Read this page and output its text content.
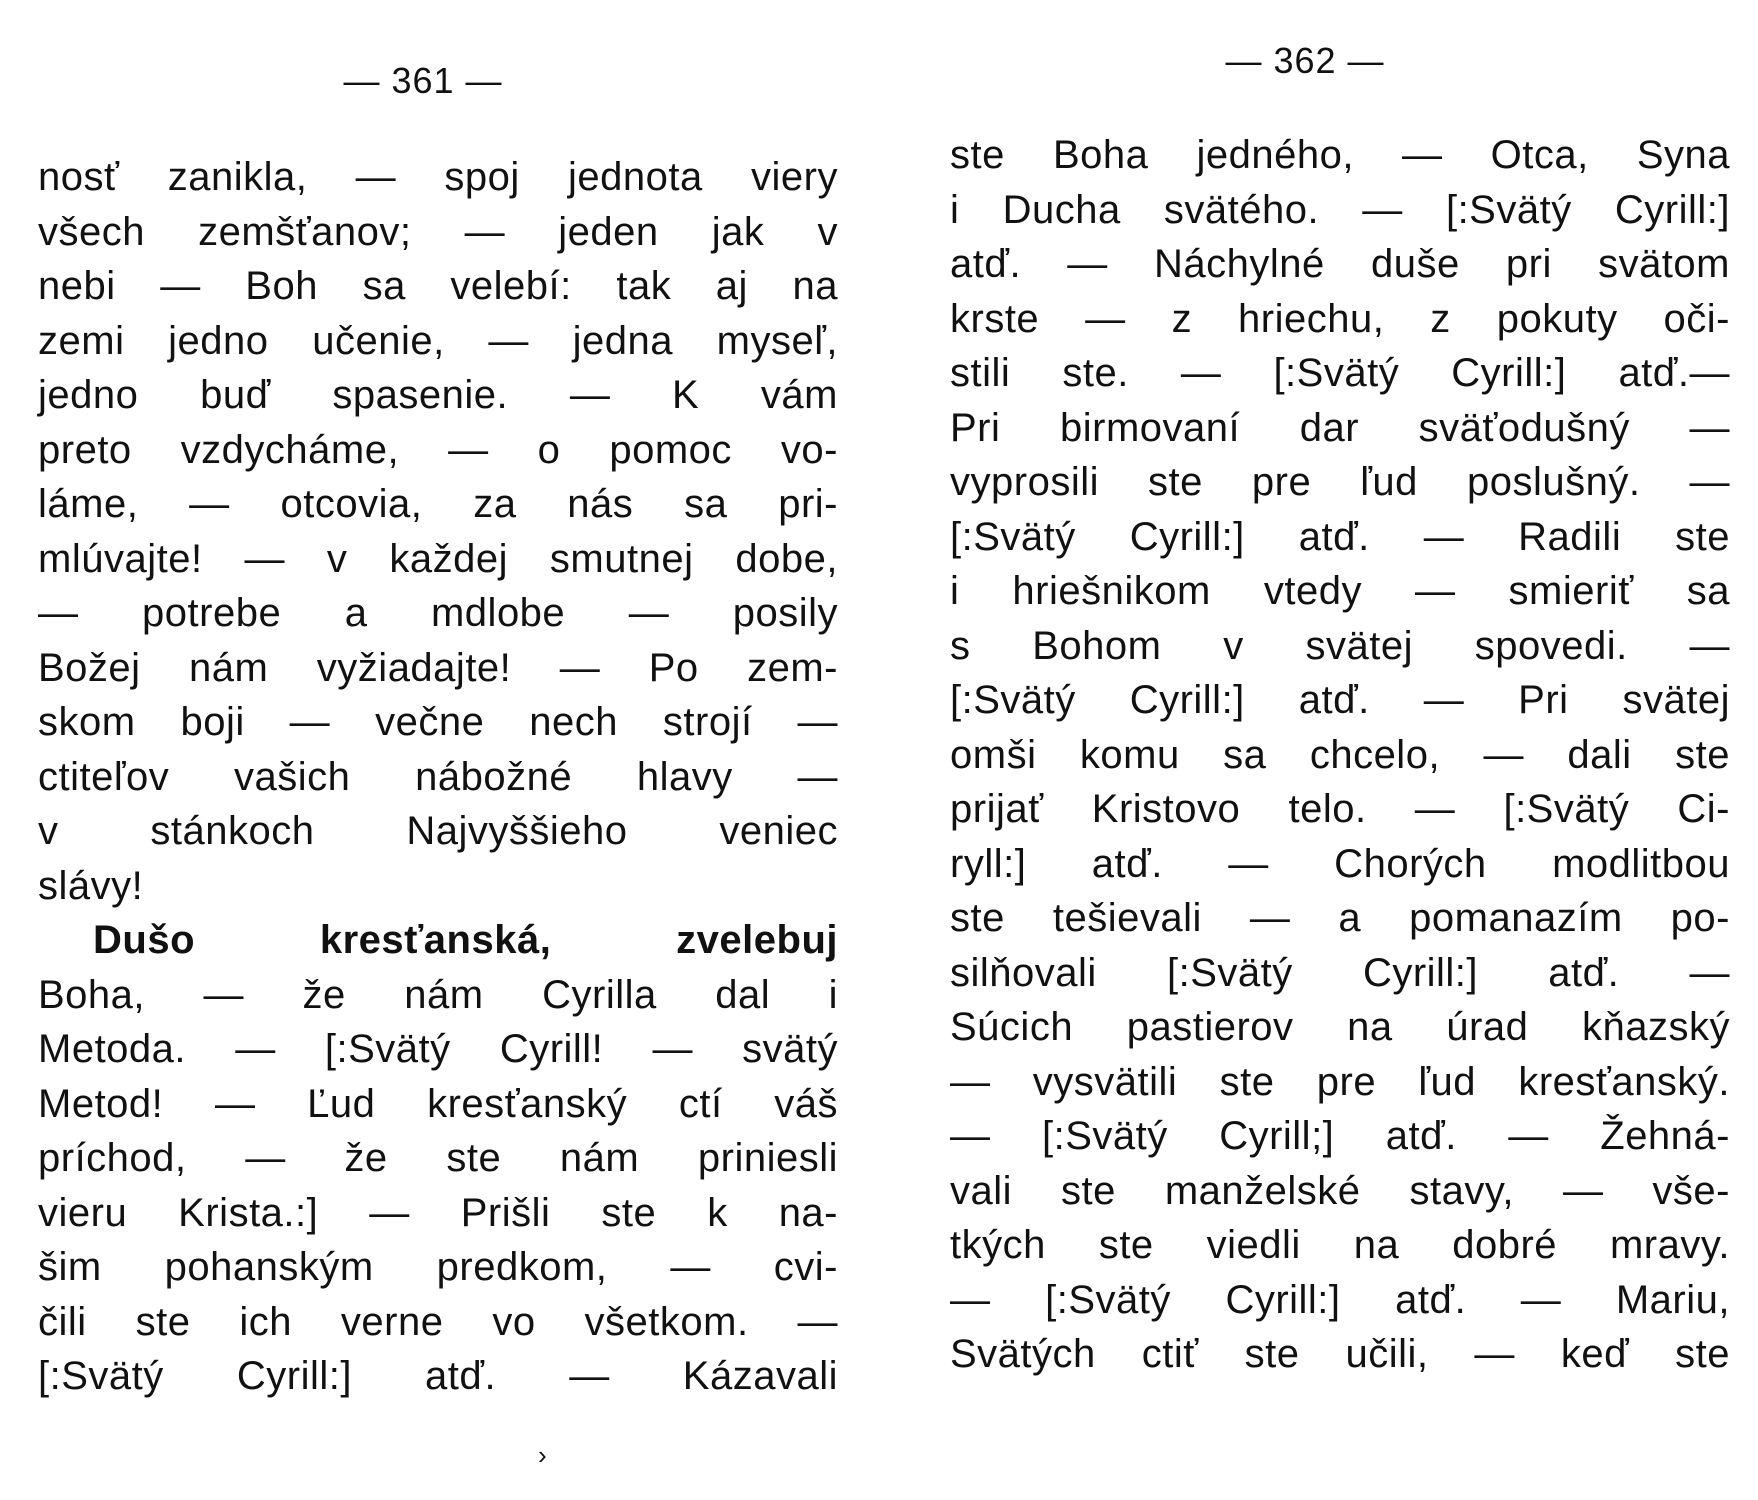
— 361 —
nosť zanikla, — spoj jednota viery
všech zemšťanov; — jeden jak v
nebi — Boh sa velebí: tak aj na
zemi jedno učenie, — jedna myseľ,
jedno buď spasenie. — K vám
preto vzdycháme, — o pomoc vo-
láme, — otcovia, za nás sa pri-
mlúvajte! — v každej smutnej dobe,
— potrebe a mdlobe — posily
Božej nám vyžiadajte! — Po zem-
skom boji — večne nech strojí —
ctiteľov vašich nábožné hlavy —
v stánkoch Najvyššieho veniec
slávy!
Dušo kresťanská, zvelebuj
Boha, — že nám Cyrilla dal i
Metoda. — [:Svätý Cyrill! — svätý
Metod! — Ľud kresťanský ctí váš
príchod, — že ste nám priniesli
vieru Krista.:] — Prišli ste k na-
šim pohanským predkom, — cvi-
čili ste ich verne vo všetkom. —
[:Svätý Cyrill:] atď. — Kázavali
›
— 362 —
ste Boha jedného, — Otca, Syna
i Ducha svätého. — [:Svätý Cyrill:]
atď. — Náchylné duše pri svätom
krste — z hriechu, z pokuty oči-
stili ste. — [:Svätý Cyrill:] atď.—
Pri birmovaní dar sväťodušný —
vyprosili ste pre ľud poslušný. —
[:Svätý Cyrill:] atď. — Radili ste
i hriešnikom vtedy — smieriť sa
s Bohom v svätej spovedi. —
[:Svätý Cyrill:] atď. — Pri svätej
omši komu sa chcelo, — dali ste
prijať Kristovo telo. — [:Svätý Ci-
ryll:] atď. — Chorých modlitbou
ste tešievali — a pomanazím po-
silňovali [:Svätý Cyrill:] atď. —
Súcich pastierov na úrad kňazský
— vysvätili ste pre ľud kresťanský.
— [:Svätý Cyrill;] atď. — Žehná-
vali ste manželské stavy, — vše-
tkých ste viedli na dobré mravy.
— [:Svätý Cyrill:] atď. — Mariu,
Svätých ctiť ste učili, — keď ste
